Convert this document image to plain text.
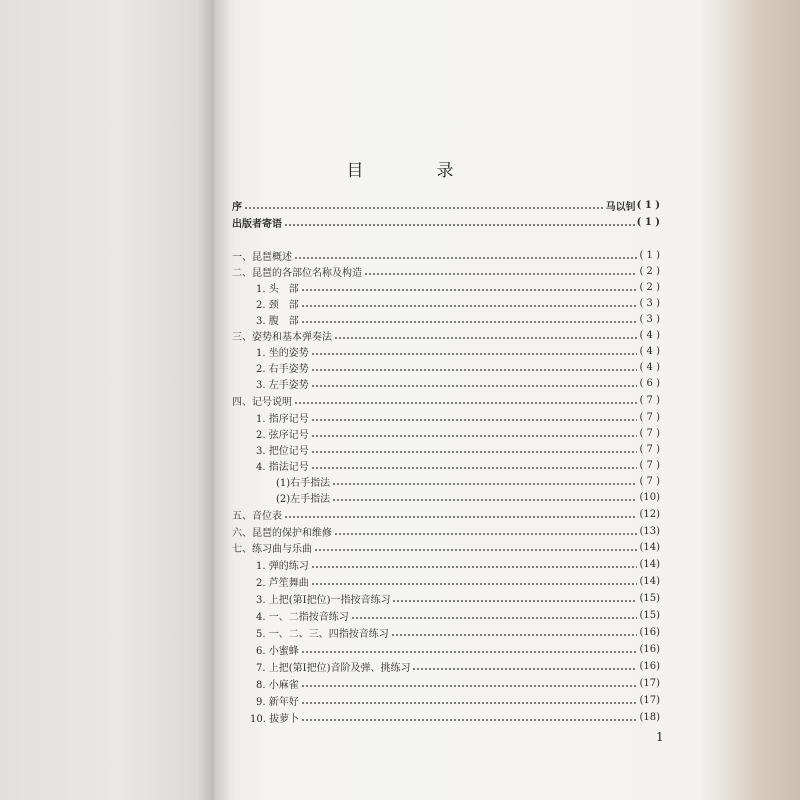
目　录
序	马以钊 ( 1 )
出版者寄语	( 1 )
一、昆琶概述	( 1 )
二、昆琶的各部位名称及构造	( 2 )
1. 头　部	( 2 )
2. 颈　部	( 3 )
3. 腹　部	( 3 )
三、姿势和基本弹奏法	( 4 )
1. 坐的姿势	( 4 )
2. 右手姿势	( 4 )
3. 左手姿势	( 6 )
四、记号说明	( 7 )
1. 指序记号	( 7 )
2. 弦序记号	( 7 )
3. 把位记号	( 7 )
4. 指法记号	( 7 )
(1)右手指法	( 7 )
(2)左手指法	(10)
五、音位表	(12)
六、昆琶的保护和维修	(13)
七、练习曲与乐曲	(14)
1. 弹的练习	(14)
2. 芦笙舞曲	(14)
3. 上把(第Ⅰ把位)一指按音练习	(15)
4. 一、二指按音练习	(15)
5. 一、二、三、四指按音练习	(16)
6. 小蜜蜂	(16)
7. 上把(第Ⅰ把位)音阶及弹、挑练习	(16)
8. 小麻雀	(17)
9. 新年好	(17)
10. 拔萝卜	(18)
1
